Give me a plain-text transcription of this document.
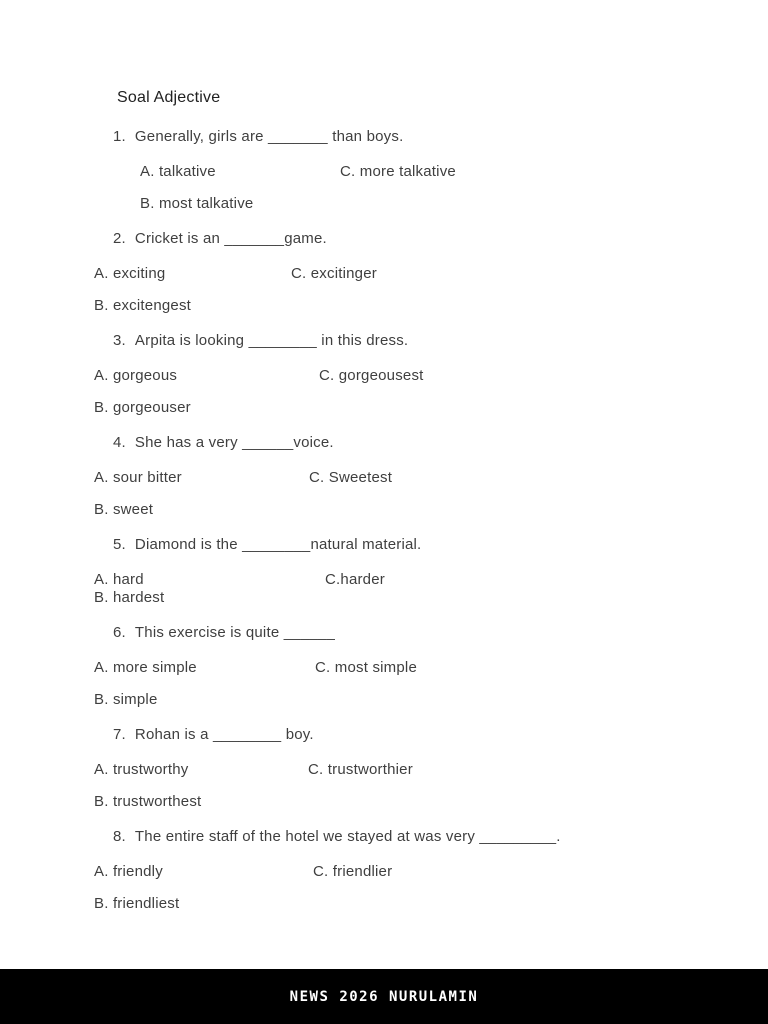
Soal Adjective
1. Generally, girls are _______ than boys.
A. talkative	C. more talkative
B. most talkative
2. Cricket is an _______game.
A. exciting	C. excitinger
B. excitengest
3. Arpita is looking ________ in this dress.
A. gorgeous	C. gorgeousest
B. gorgeouser
4. She has a very ______voice.
A. sour bitter	C. Sweetest
B. sweet
5. Diamond is the ________natural material.
A. hard	C.harder
B. hardest
6. This exercise is quite ______
A. more simple	C. most simple
B. simple
7. Rohan is a ________ boy.
A. trustworthy	C. trustworthier
B. trustworthest
8. The entire staff of the hotel we stayed at was very _________.
A. friendly	C. friendlier
B. friendliest
NEWS 2026 NURULAMIN
